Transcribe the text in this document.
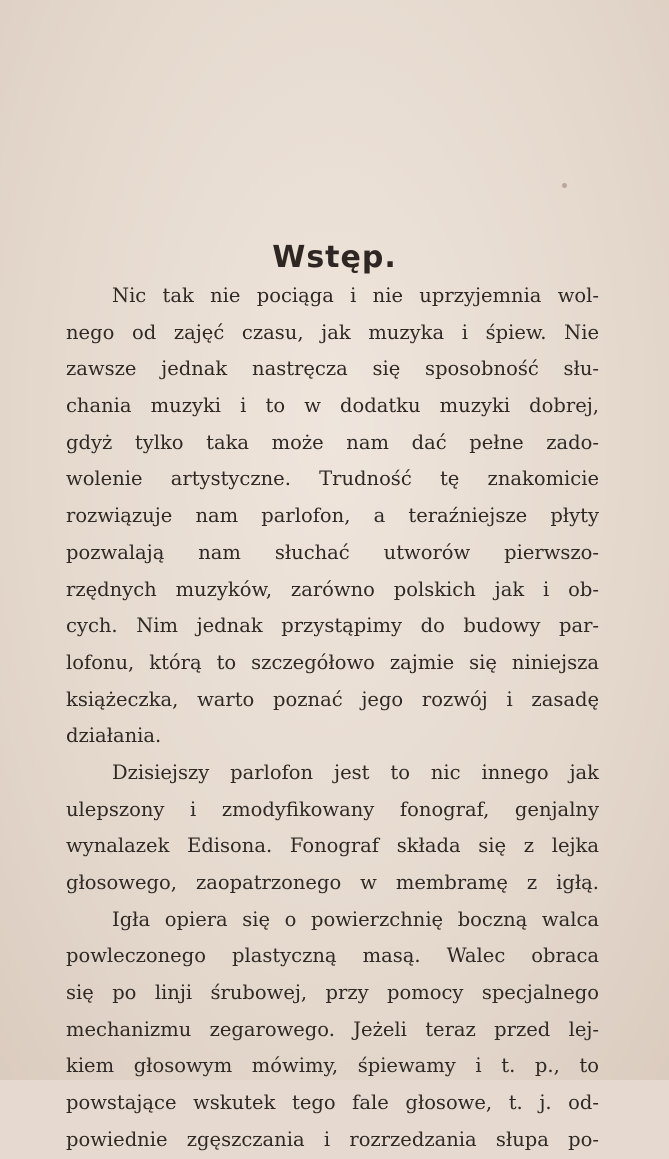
Wstęp.
Nic tak nie pociąga i nie uprzyjemnia wol-
nego od zajęć czasu, jak muzyka i śpiew. Nie
zawsze jednak nastręcza się sposobność słu-
chania muzyki i to w dodatku muzyki dobrej,
gdyż tylko taka może nam dać pełne zado-
wolenie artystyczne. Trudność tę znakomicie
rozwiązuje nam parlofon, a teraźniejsze płyty
pozwalają nam słuchać utworów pierwszo-
rzędnych muzyków, zarówno polskich jak i ob-
cych. Nim jednak przystąpimy do budowy par-
lofonu, którą to szczegółowo zajmie się niniejsza
książeczka, warto poznać jego rozwój i zasadę
działania.
Dzisiejszy parlofon jest to nic innego jak
ulepszony i zmodyfikowany fonograf, genjalny
wynalazek Edisona. Fonograf składa się z lejka
głosowego, zaopatrzonego w membramę z igłą.
Igła opiera się o powierzchnię boczną walca
powleczonego plastyczną masą. Walec obraca
się po linji śrubowej, przy pomocy specjalnego
mechanizmu zegarowego. Jeżeli teraz przed lej-
kiem głosowym mówimy, śpiewamy i t. p., to
powstające wskutek tego fale głosowe, t. j. od-
powiednie zgęszczania i rozrzedzania słupa po-
